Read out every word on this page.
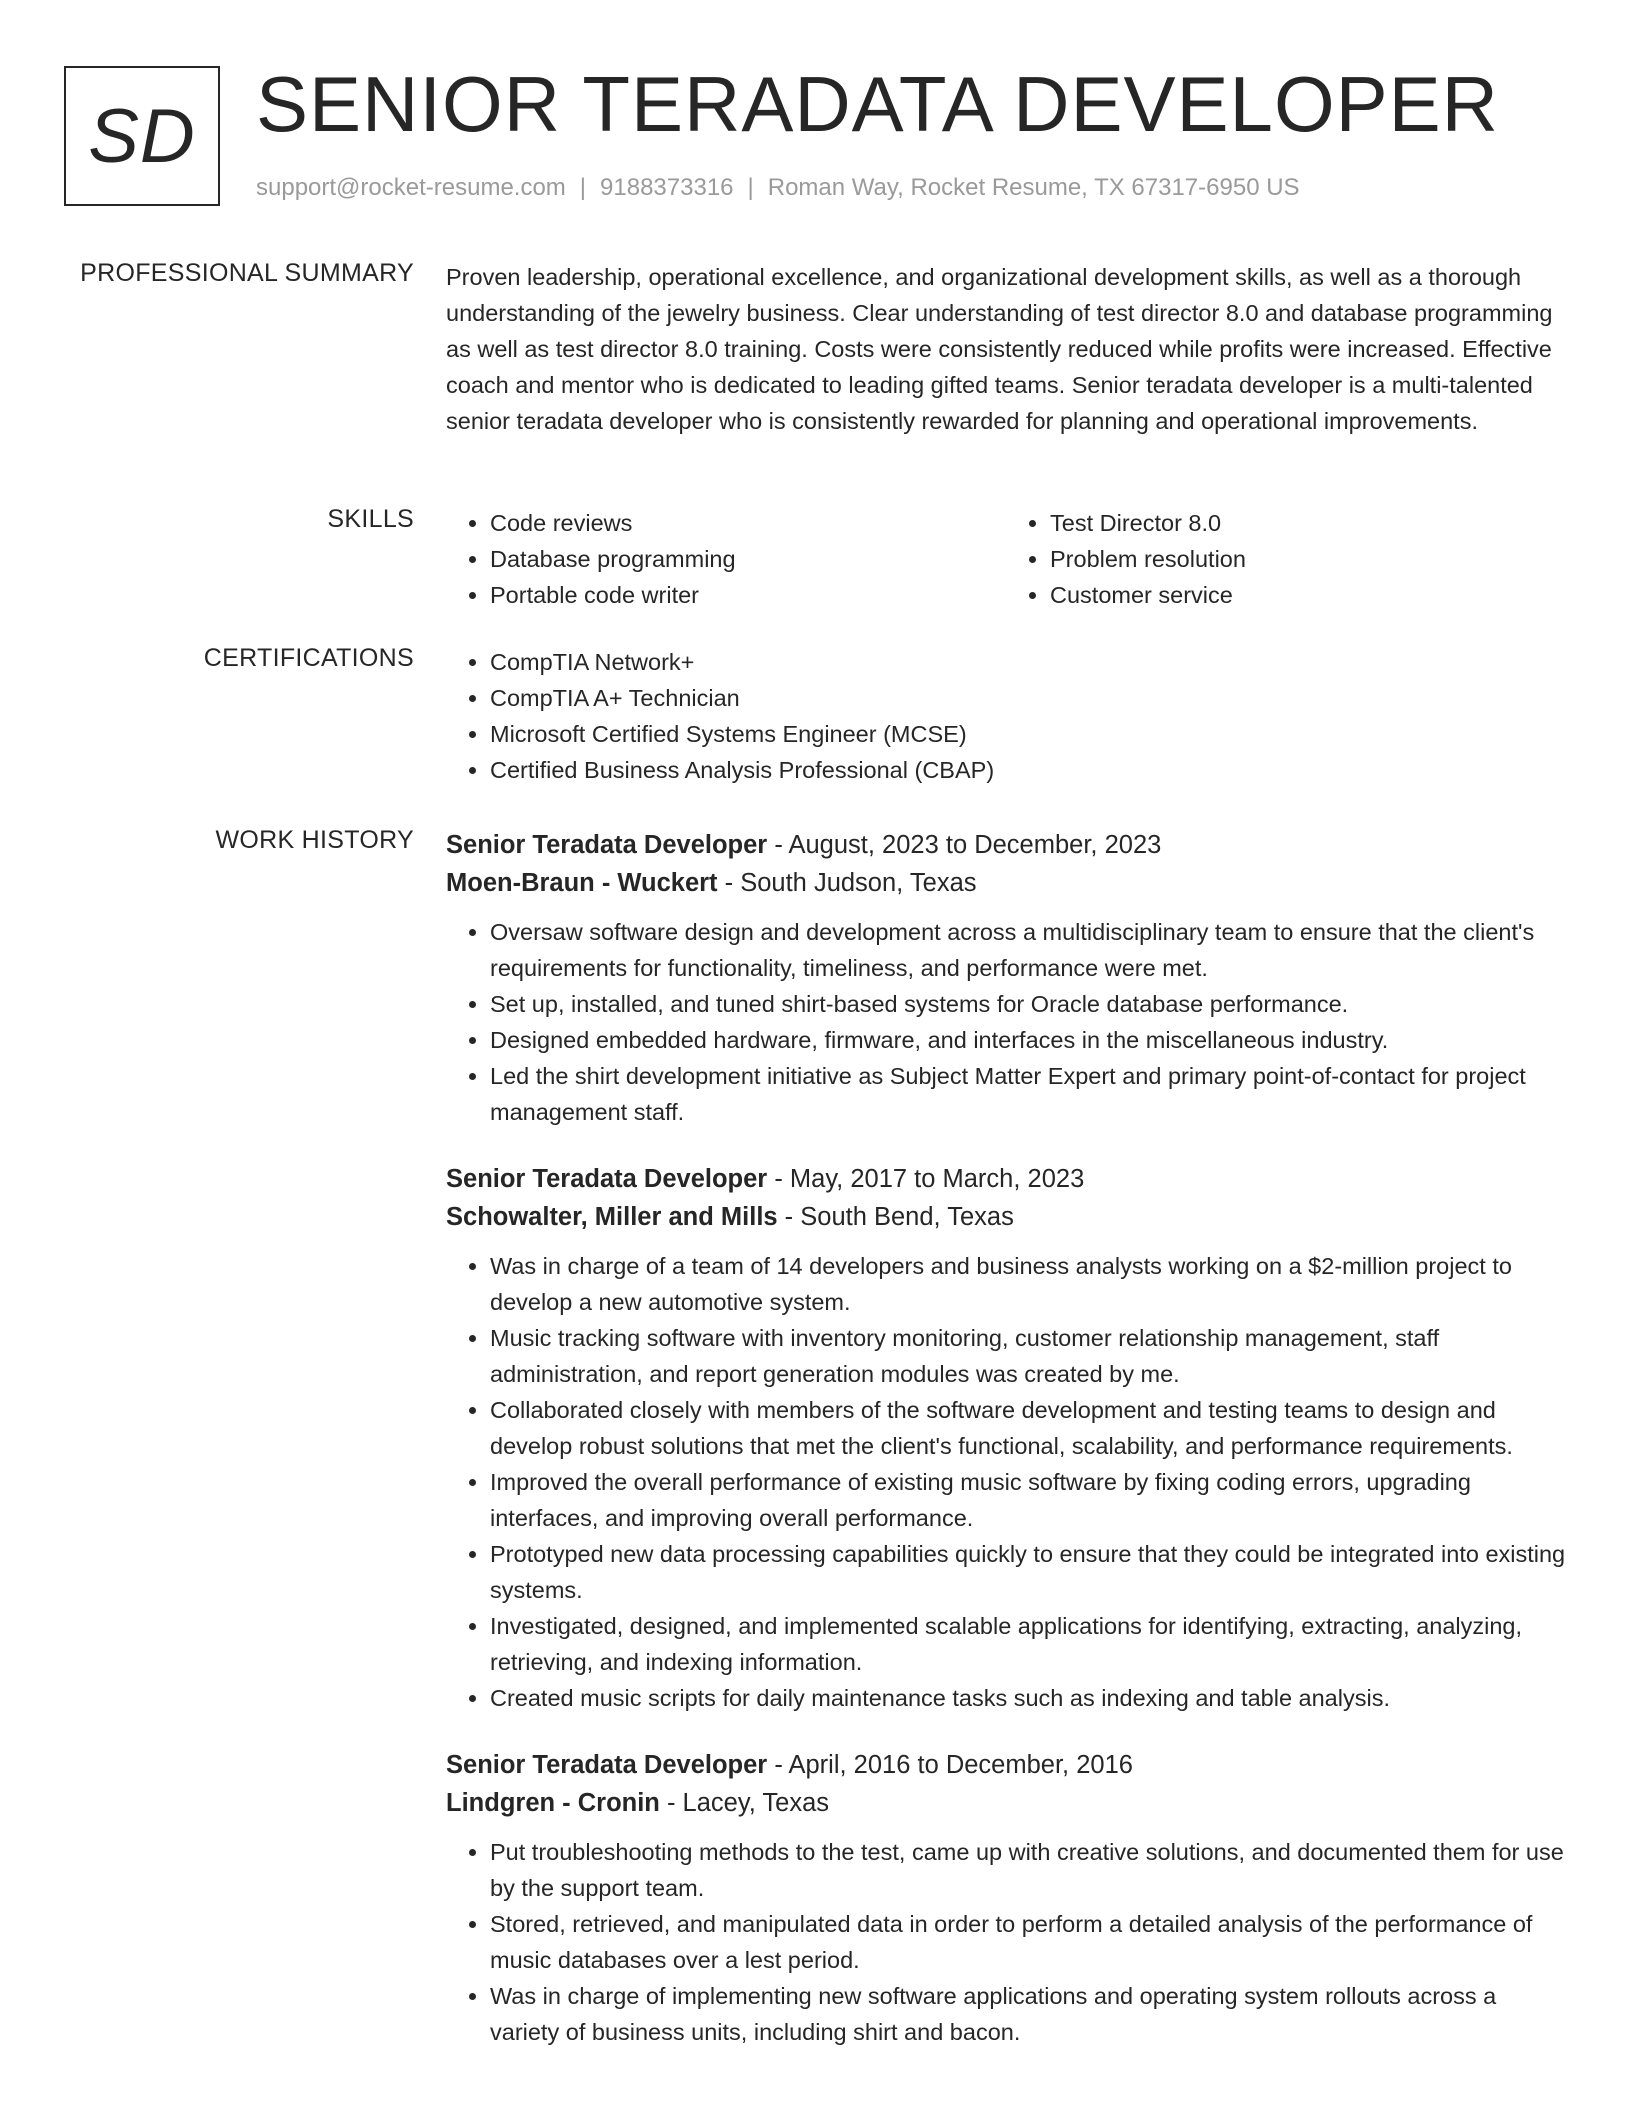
SD SENIOR TERADATA DEVELOPER
support@rocket-resume.com | 9188373316 | Roman Way, Rocket Resume, TX 67317-6950 US
PROFESSIONAL SUMMARY Proven leadership, operational excellence, and organizational development skills, as well as a thorough understanding of the jewelry business. Clear understanding of test director 8.0 and database programming as well as test director 8.0 training. Costs were consistently reduced while profits were increased. Effective coach and mentor who is dedicated to leading gifted teams. Senior teradata developer is a multi-talented senior teradata developer who is consistently rewarded for planning and operational improvements.

SKILLS	• Code reviews
• Database programming
• Portable code writer
• Test Director 8.0
• Problem resolution
• Customer service
CERTIFICATIONS	• CompTIA Network+
• CompTIA A+ Technician
• Microsoft Certified Systems Engineer (MCSE)
• Certified Business Analysis Professional (CBAP)
WORK HISTORY Senior Teradata Developer - August, 2023 to December, 2023

Moen-Braun - Wuckert - South Judson, Texas

• Oversaw software design and development across a multidisciplinary team to ensure that the client's requirements for functionality, timeliness, and performance were met.
• Set up, installed, and tuned shirt-based systems for Oracle database performance.
• Designed embedded hardware, firmware, and interfaces in the miscellaneous industry.
• Led the shirt development initiative as Subject Matter Expert and primary point-of-contact for project management staff.

Senior Teradata Developer - May, 2017 to March, 2023

Schowalter, Miller and Mills - South Bend, Texas

• Was in charge of a team of 14 developers and business analysts working on a $2-million project to develop a new automotive system.
• Music tracking software with inventory monitoring, customer relationship management, staff administration, and report generation modules was created by me.
• Collaborated closely with members of the software development and testing teams to design and develop robust solutions that met the client's functional, scalability, and performance requirements.
• Improved the overall performance of existing music software by fixing coding errors, upgrading interfaces, and improving overall performance.
• Prototyped new data processing capabilities quickly to ensure that they could be integrated into existing systems.
• Investigated, designed, and implemented scalable applications for identifying, extracting, analyzing, retrieving, and indexing information.
• Created music scripts for daily maintenance tasks such as indexing and table analysis.

Senior Teradata Developer - April, 2016 to December, 2016

Lindgren - Cronin - Lacey, Texas

• Put troubleshooting methods to the test, came up with creative solutions, and documented them for use by the support team.
• Stored, retrieved, and manipulated data in order to perform a detailed analysis of the performance of music databases over a lest period.
• Was in charge of implementing new software applications and operating system rollouts across a variety of business units, including shirt and bacon.
